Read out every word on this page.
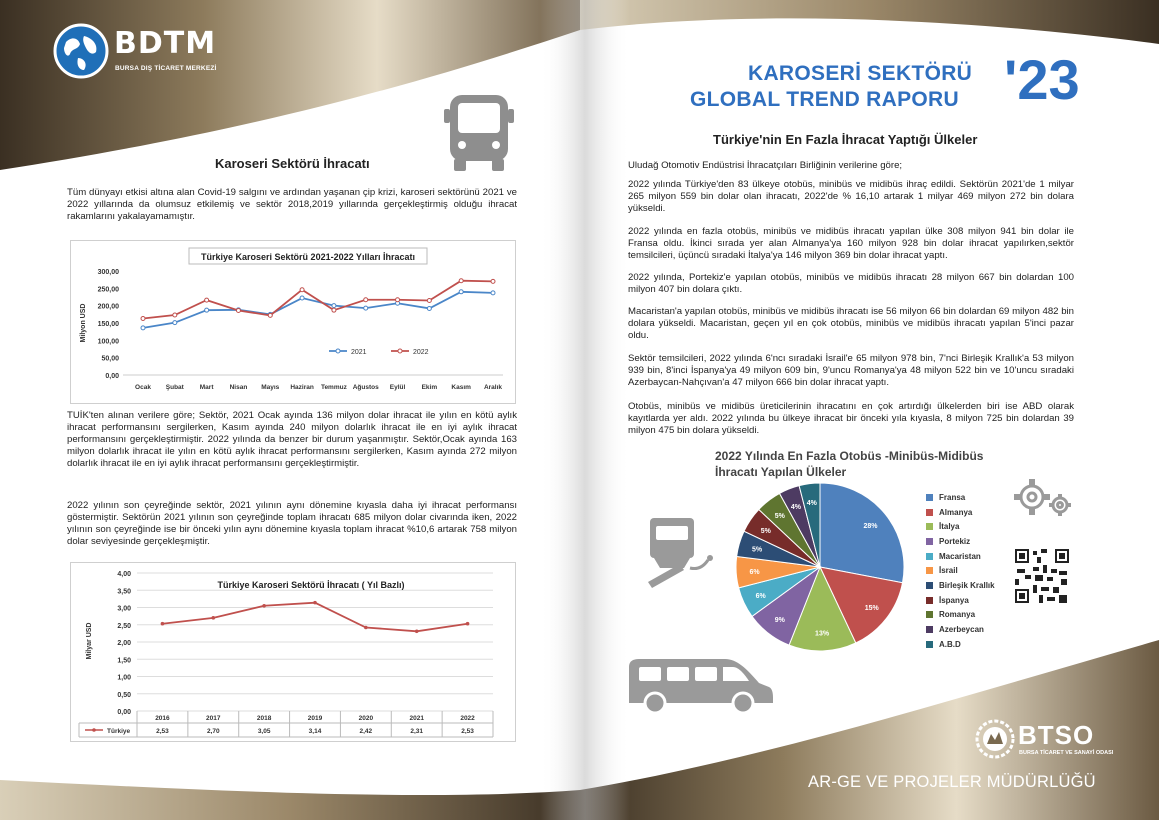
BDTM
BURSA DIŞ TİCARET MERKEZİ
Karoseri Sektörü İhracatı

Tüm dünyayı etkisi altına alan Covid-19 salgını ve ardından yaşanan çip krizi, karoseri sektörünü 2021 ve 2022 yıllarında da olumsuz etkilemiş ve sektör 2018,2019 yıllarında gerçekleştirmiş olduğu ihracat rakamlarını yakalayamamıştır.

Türkiye Karoseri Sektörü 2021-2022 Yılları İhracatı
Milyon USD
0,00
50,00
100,00
150,00
200,00
250,00
300,00
Ocak Şubat Mart Nisan Mayıs Haziran Temmuz Ağustos Eylül	Ekim Kasım Aralık
2021	2022

TUİK'ten alınan verilere göre; Sektör, 2021 Ocak ayında 136 milyon dolar ihracat ile yılın en kötü aylık ihracat performansını sergilerken, Kasım ayında 240 milyon dolarlık ihracat ile en iyi aylık ihracat performansını gerçekleştirmiştir. 2022 yılında da benzer bir durum yaşanmıştır. Sektör,Ocak ayında 163 milyon dolarlık ihracat ile yılın en kötü aylık ihracat performansını sergilerken, Kasım ayında 272 milyon dolarlık ihracat ile en iyi aylık ihracat performansını gerçekleştirmiştir.

2022 yılının son çeyreğinde sektör, 2021 yılının aynı dönemine kıyasla daha iyi ihracat performansı göstermiştir. Sektörün 2021 yılının son çeyreğinde toplam ihracatı 685 milyon dolar civarında iken, 2022 yılının son çeyreğinde ise bir önceki yılın aynı dönemine kıyasla toplam ihracat %10,6 artarak 758 milyon dolar seviyesinde gerçekleşmiştir.

0,00
0,50
1,00
1,50
2,00
2,50
3,00
3,50
4,00
Türkiye Karoseri Sektörü İhracatı ( Yıl Bazlı)
Milyar USD
2016
2,53
2017
2,70
2018
3,05
2019
3,14
2020
2,42
2021
2,31
2022
2,53
Türkiye
KAROSERİ SEKTÖRÜ
GLOBAL TREND RAPORU '23
Türkiye'nin En Fazla İhracat Yaptığı Ülkeler

Uludağ Otomotiv Endüstrisi İhracatçıları Birliğinin verilerine göre;

2022 yılında Türkiye'den 83 ülkeye otobüs, minibüs ve midibüs ihraç edildi. Sektörün 2021'de 1 milyar 265 milyon 559 bin dolar olan ihracatı, 2022'de % 16,10 artarak 1 milyar 469 milyon 272 bin dolara yükseldi.

2022 yılında en fazla otobüs, minibüs ve midibüs ihracatı yapılan ülke 308 milyon 941 bin dolar ile Fransa oldu. İkinci sırada yer alan Almanya'ya 160 milyon 928 bin dolar ihracat yapılırken,sektör temsilcileri, üçüncü sıradaki İtalya'ya 146 milyon 369 bin dolar ihracat yaptı.

2022 yılında, Portekiz'e yapılan otobüs, minibüs ve midibüs ihracatı 28 milyon 667 bin dolardan 100 milyon 407 bin dolara çıktı.

Macaristan'a yapılan otobüs, minibüs ve midibüs ihracatı ise 56 milyon 66 bin dolardan 69 milyon 482 bin dolara yükseldi. Macaristan, geçen yıl en çok otobüs, minibüs ve midibüs ihracatı yapılan 5'inci pazar oldu.

Sektör temsilcileri, 2022 yılında 6'ncı sıradaki İsrail'e 65 milyon 978 bin, 7'nci Birleşik Krallık'a 53 milyon 939 bin, 8'inci İspanya'ya 49 milyon 609 bin, 9'uncu Romanya'ya 48 milyon 522 bin ve 10'uncu sıradaki Azerbaycan-Nahçıvan'a 47 milyon 666 bin dolar ihracat yaptı.

Otobüs, minibüs ve midibüs üreticilerinin ihracatını en çok artırdığı ülkelerden biri ise ABD olarak kayıtlarda yer aldı. 2022 yılında bu ülkeye ihracat bir önceki yıla kıyasla, 8 milyon 725 bin dolardan 39 milyon 475 bin dolara yükseldi.

2022 Yılında En Fazla Otobüs -Minibüs-Midibüs İhracatı Yapılan Ülkeler
28%
15%
13%
9%
6%
6%
5%
5%
5%
4%
4%
Fransa
Almanya
İtalya
Portekiz
Macaristan
İsrail
Birleşik Krallık
İspanya
Romanya
Azerbeycan
A.B.D
BTSO
BURSA TİCARET VE SANAYİ ODASI
AR-GE VE PROJELER MÜDÜRLÜĞÜ
